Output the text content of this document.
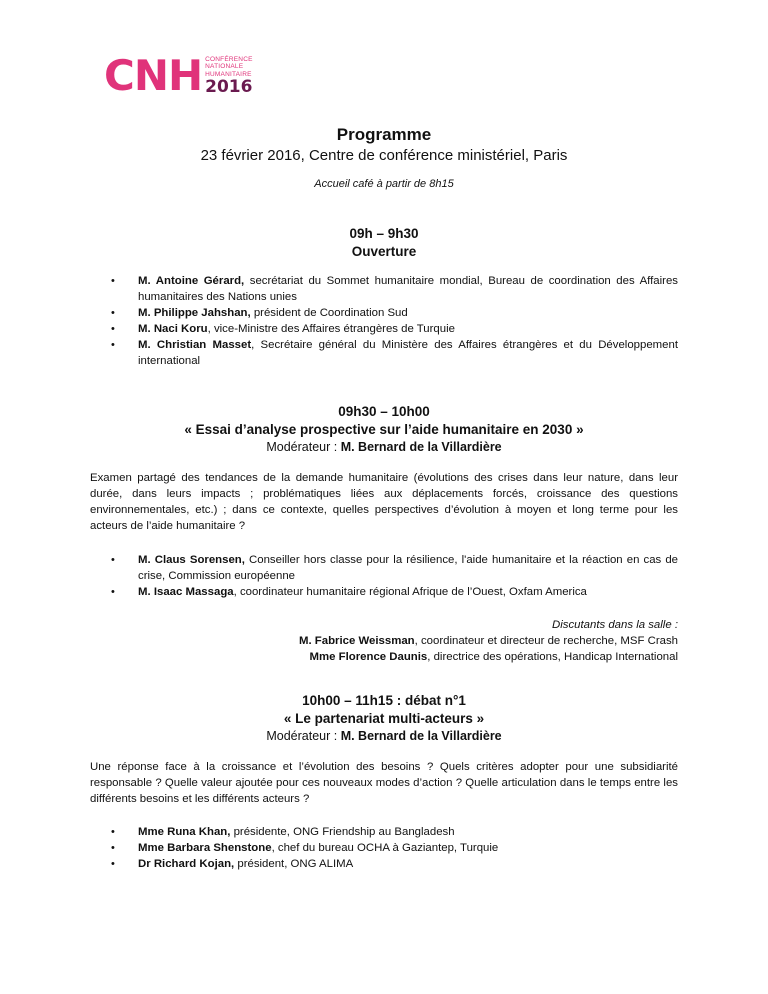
CNH CONFÉRENCE
NATIONALE
HUMANITAIRE
2016

Programme

23 février 2016, Centre de conférence ministériel, Paris

Accueil café à partir de 8h15

09h – 9h30

Ouverture

• M. Antoine Gérard, secrétariat du Sommet humanitaire mondial, Bureau de coordination des Affaires humanitaires des Nations unies
• M. Philippe Jahshan, président de Coordination Sud
• M. Naci Koru, vice-Ministre des Affaires étrangères de Turquie
• M. Christian Masset, Secrétaire général du Ministère des Affaires étrangères et du Développement international

09h30 – 10h00

« Essai d’analyse prospective sur l’aide humanitaire en 2030 »

Modérateur : M. Bernard de la Villardière

Examen partagé des tendances de la demande humanitaire (évolutions des crises dans leur nature, dans leur durée, dans leurs impacts ; problématiques liées aux déplacements forcés, croissance des questions environnementales, etc.) ; dans ce contexte, quelles perspectives d’évolution à moyen et long terme pour les acteurs de l’aide humanitaire ?

• M. Claus Sorensen, Conseiller hors classe pour la résilience, l'aide humanitaire et la réaction en cas de crise, Commission européenne
• M. Isaac Massaga, coordinateur humanitaire régional Afrique de l’Ouest, Oxfam America
Discutants dans la salle :
M. Fabrice Weissman, coordinateur et directeur de recherche, MSF Crash
Mme Florence Daunis, directrice des opérations, Handicap International

10h00 – 11h15 : débat n°1

« Le partenariat multi-acteurs »

Modérateur : M. Bernard de la Villardière

Une réponse face à la croissance et l’évolution des besoins ? Quels critères adopter pour une subsidiarité responsable ? Quelle valeur ajoutée pour ces nouveaux modes d’action ? Quelle articulation dans le temps entre les différents besoins et les différents acteurs ?

• Mme Runa Khan, présidente, ONG Friendship au Bangladesh
• Mme Barbara Shenstone, chef du bureau OCHA à Gaziantep, Turquie
• Dr Richard Kojan, président, ONG ALIMA
